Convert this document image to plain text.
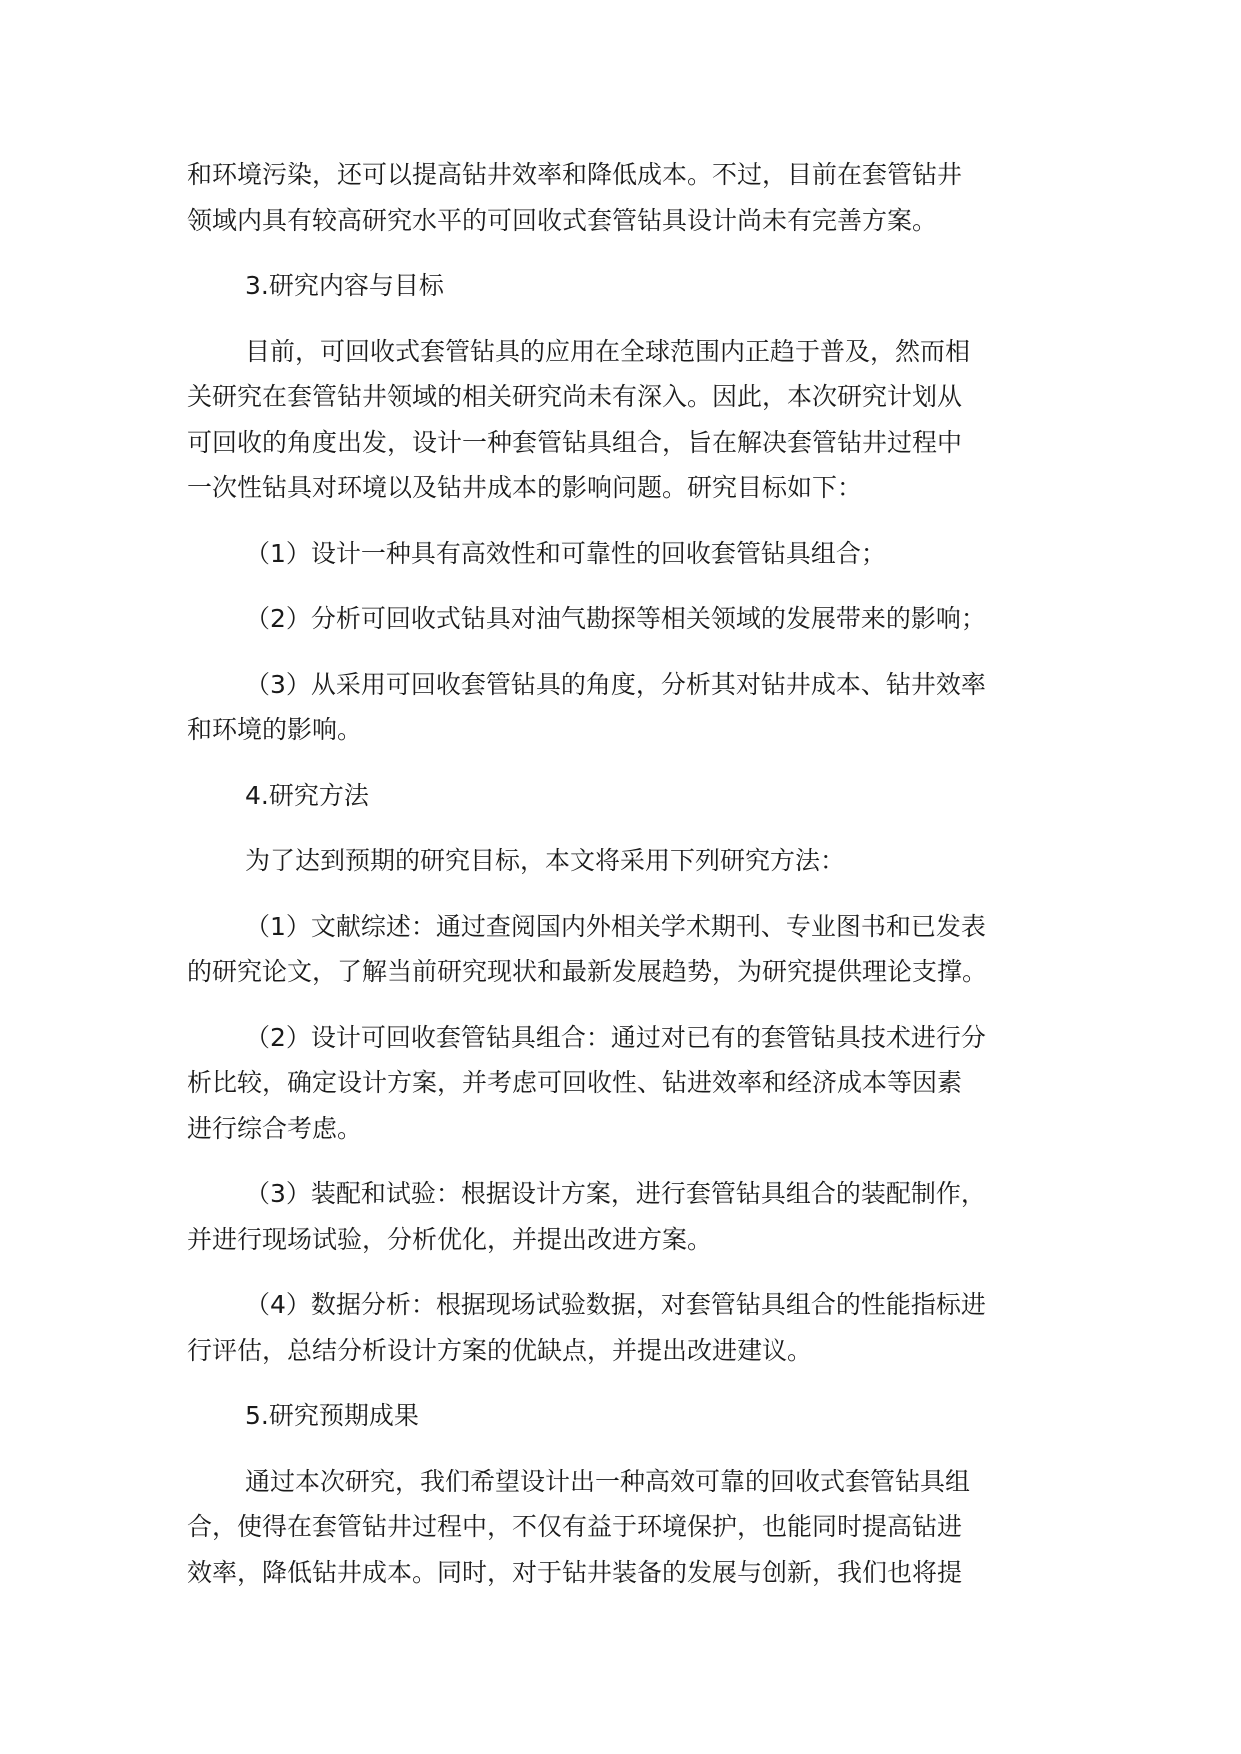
和环境污染，还可以提高钻井效率和降低成本。不过，目前在套管钻井
领域内具有较高研究水平的可回收式套管钻具设计尚未有完善方案。
3.研究内容与目标
目前，可回收式套管钻具的应用在全球范围内正趋于普及，然而相
关研究在套管钻井领域的相关研究尚未有深入。因此，本次研究计划从
可回收的角度出发，设计一种套管钻具组合，旨在解决套管钻井过程中
一次性钻具对环境以及钻井成本的影响问题。研究目标如下：
（1）设计一种具有高效性和可靠性的回收套管钻具组合；
（2）分析可回收式钻具对油气勘探等相关领域的发展带来的影响；
（3）从采用可回收套管钻具的角度，分析其对钻井成本、钻井效率
和环境的影响。
4.研究方法
为了达到预期的研究目标，本文将采用下列研究方法：
（1）文献综述：通过查阅国内外相关学术期刊、专业图书和已发表
的研究论文，了解当前研究现状和最新发展趋势，为研究提供理论支撑。
（2）设计可回收套管钻具组合：通过对已有的套管钻具技术进行分
析比较，确定设计方案，并考虑可回收性、钻进效率和经济成本等因素
进行综合考虑。
（3）装配和试验：根据设计方案，进行套管钻具组合的装配制作，
并进行现场试验，分析优化，并提出改进方案。
（4）数据分析：根据现场试验数据，对套管钻具组合的性能指标进
行评估，总结分析设计方案的优缺点，并提出改进建议。
5.研究预期成果
通过本次研究，我们希望设计出一种高效可靠的回收式套管钻具组
合，使得在套管钻井过程中，不仅有益于环境保护，也能同时提高钻进
效率，降低钻井成本。同时，对于钻井装备的发展与创新，我们也将提
